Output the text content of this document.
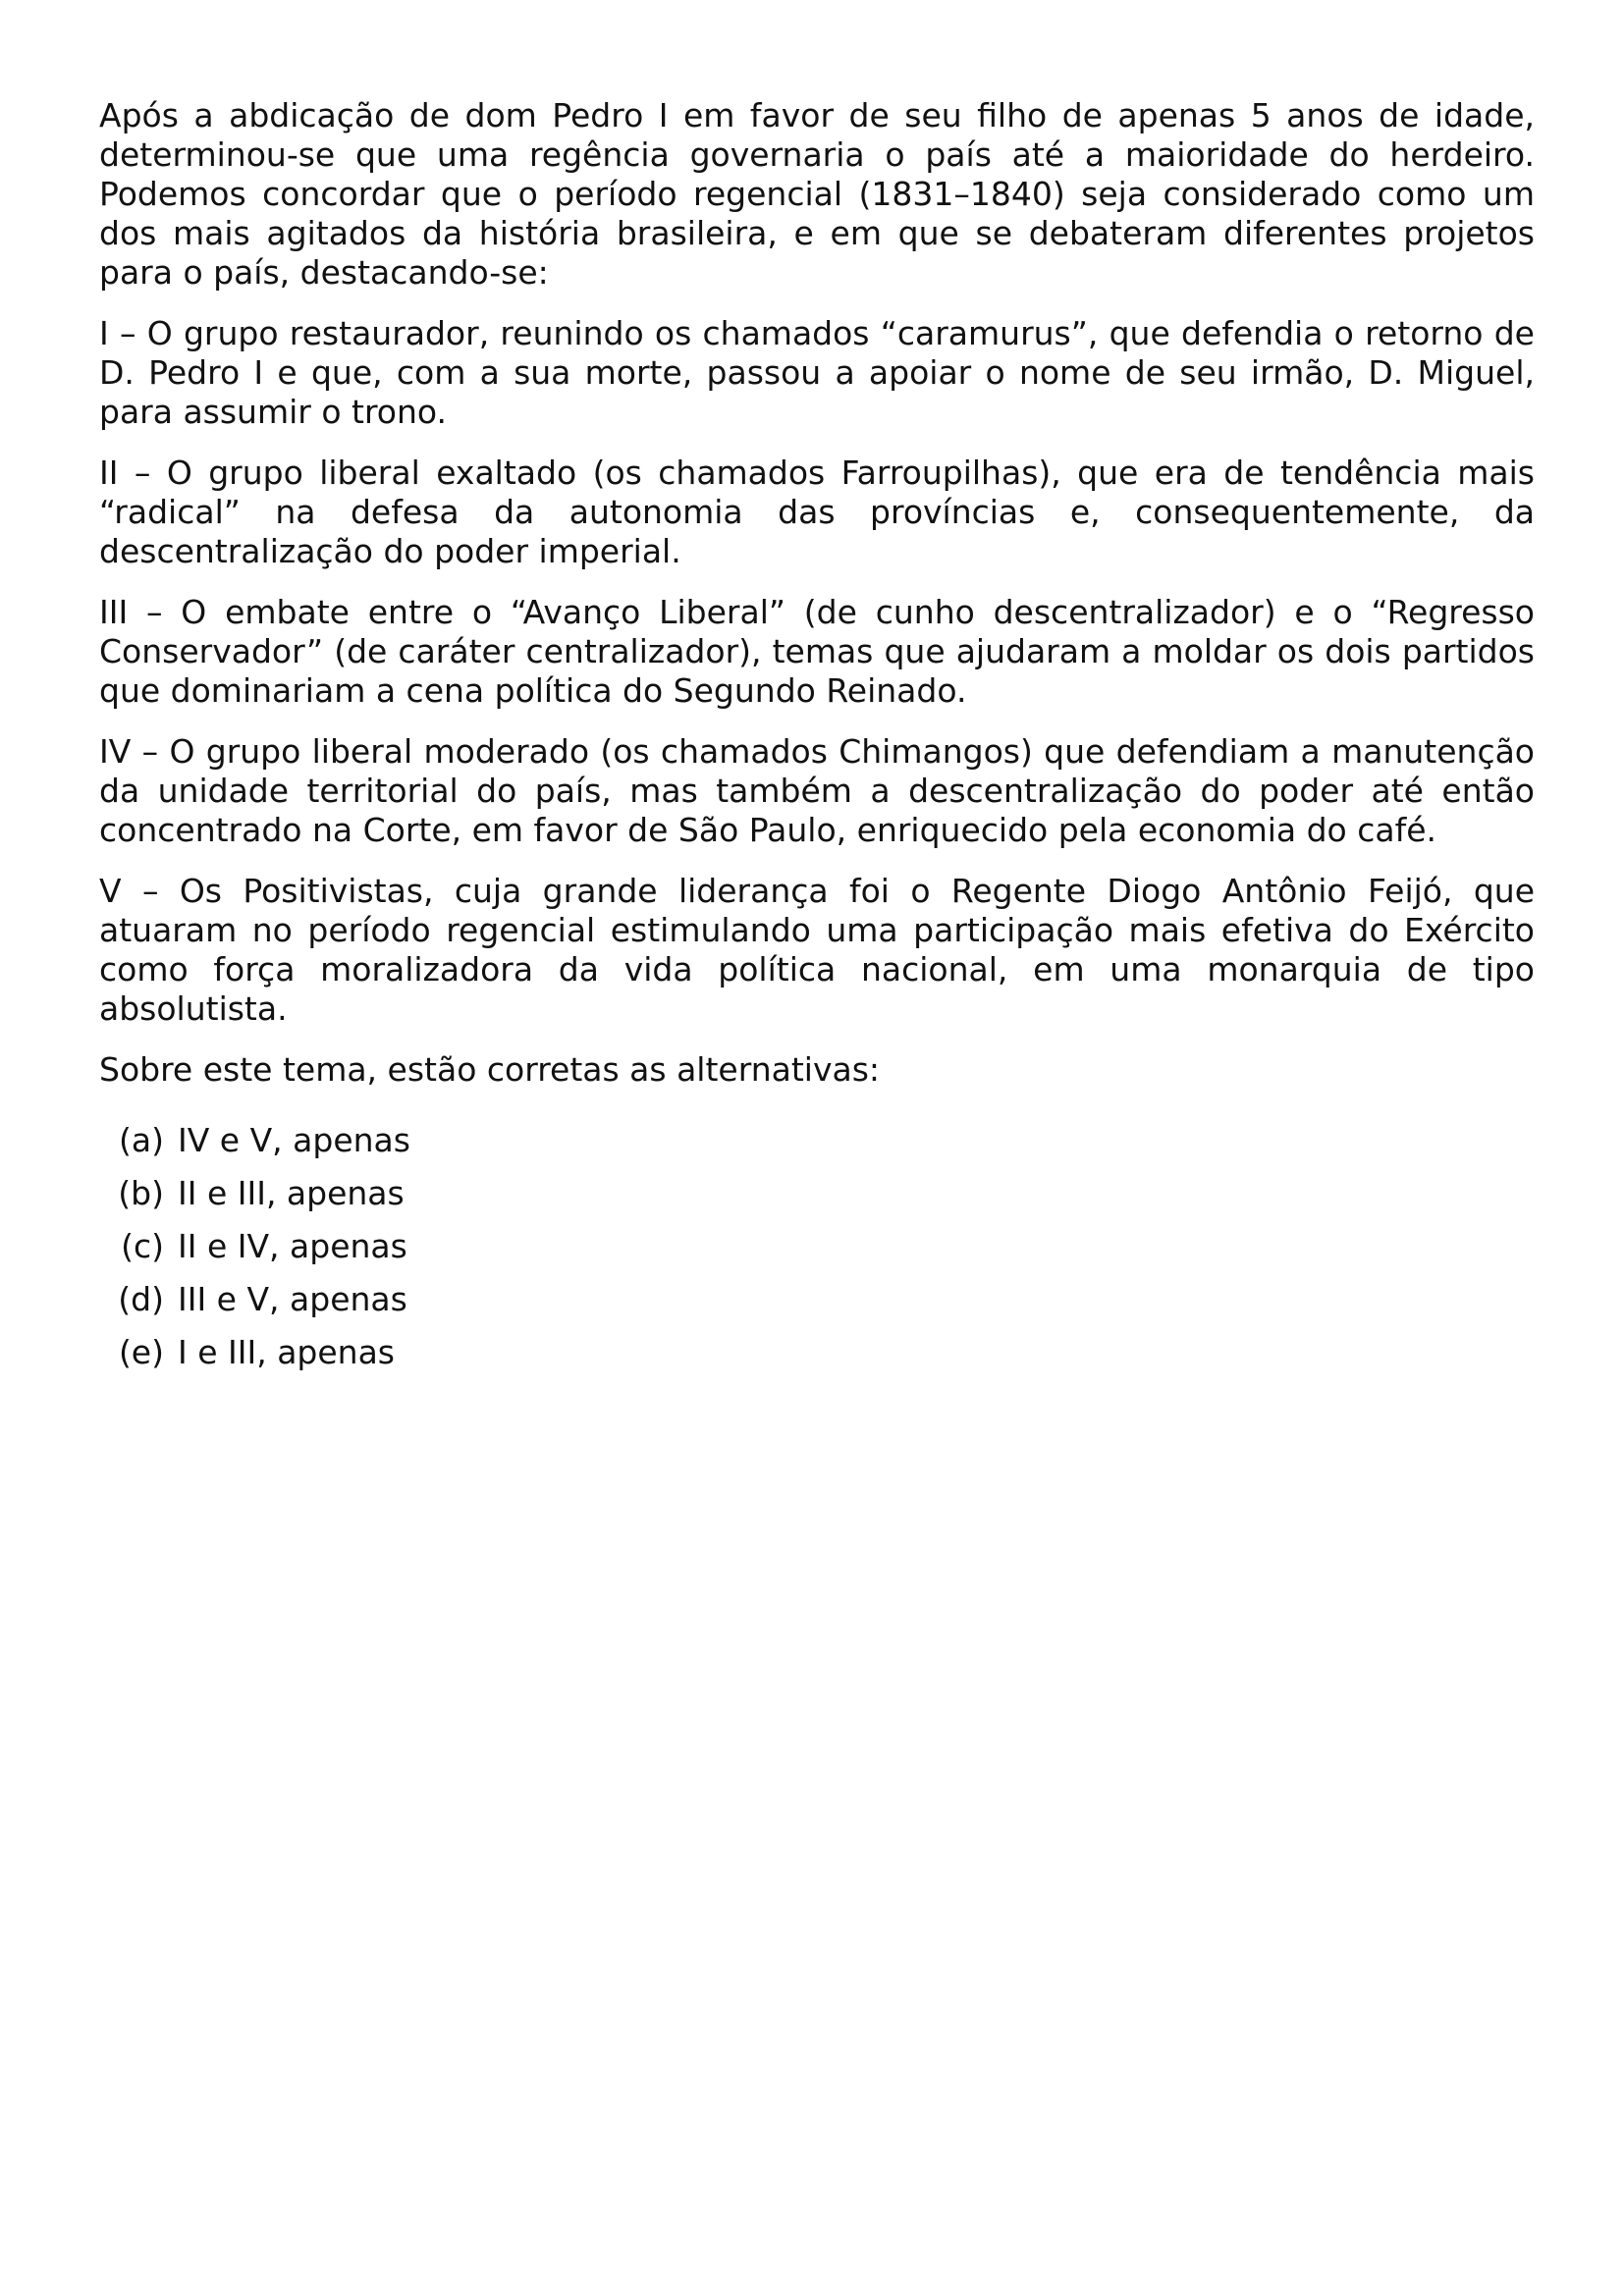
Após a abdicação de dom Pedro I em favor de seu filho de apenas 5 anos de idade, determinou-se que uma regência governaria o país até a maioridade do herdeiro. Podemos concordar que o período regencial (1831–1840) seja considerado como um dos mais agitados da história brasileira, e em que se debateram diferentes projetos para o país, destacando-se:

I – O grupo restaurador, reunindo os chamados “caramurus”, que defendia o retorno de D. Pedro I e que, com a sua morte, passou a apoiar o nome de seu irmão, D. Miguel, para assumir o trono.

II – O grupo liberal exaltado (os chamados Farroupilhas), que era de tendência mais “radical” na defesa da autonomia das províncias e, consequentemente, da descentralização do poder imperial.

III – O embate entre o “Avanço Liberal” (de cunho descentralizador) e o “Regresso Conservador” (de caráter centralizador), temas que ajudaram a moldar os dois partidos que dominariam a cena política do Segundo Reinado.

IV – O grupo liberal moderado (os chamados Chimangos) que defendiam a manutenção da unidade territorial do país, mas também a descentralização do poder até então concentrado na Corte, em favor de São Paulo, enriquecido pela economia do café.

V – Os Positivistas, cuja grande liderança foi o Regente Diogo Antônio Feijó, que atuaram no período regencial estimulando uma participação mais efetiva do Exército como força moralizadora da vida política nacional, em uma monarquia de tipo absolutista.

Sobre este tema, estão corretas as alternativas:

(a) IV e V, apenas
(b) II e III, apenas
(c) II e IV, apenas
(d) III e V, apenas
(e) I e III, apenas
